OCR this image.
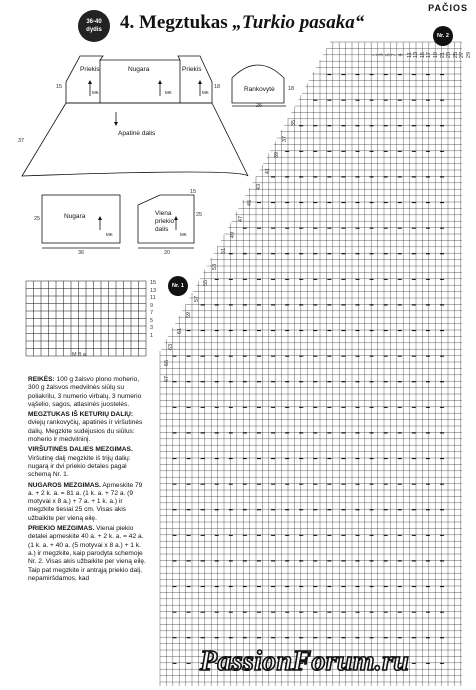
PAČIOS
36-40
dydis 4. Megztukas „Turkio pasaka“
Priekis	Nugara	Priekis
Apatinė dalis
MK	MK	MK	Rankovytė
26
18
37
15	18
Nugara
MK
36
25
Viena priekio dalis
MK
20
25
15
M 8 a.
15
13
11
9
7
5
3
1
Nr. 1
Nr. 2
29
27
25
23
21
19
17
15
13
11
9
7
5
3
1
35
37
39
41
43
45
47
49
51
53
55
57
59
61
63
65
67

REIKĖS: 100 g žalsvo plono moherio, 300 g žalsvos medvilnės siūlų su poliakrilu, 3 numerio virbalų, 3 numerio vąšelio, sagos, atlasinės juostelės.

MEGZTUKAS IŠ KETURIŲ DALIŲ: dviejų rankovyčių, apatinės ir viršutinės dalių. Megzkite sudėjusios du siūlus: moherio ir medvilninį.

VIRŠUTINĖS DALIES MEZGIMAS. Viršutinę dalį megzkite iš trijų dalių: nugarą ir dvi priekio detales pagal schemą Nr. 1.

NUGAROS MEZGIMAS. Apmeskite 79 a. + 2 k. a. = 81 a. (1 k. a. + 72 a. (9 motyvai x 8 a.) + 7 a. + 1 k. a.) ir megzkite tiesiai 25 cm. Visas akis užbaikite per vieną eilę.

PRIEKIO MEZGIMAS. Vienai piekio detalei apmeskite 40 a. + 2 k. a. = 42 a. (1 k. a. + 40 a. (5 motyvai x 8 a.) + 1 k. a.) ir megzkite, kaip parodyta schemoje Nr. 2. Visas akis užbaikite per vieną eilę. Taip pat megzkite ir antrąją priekio dalį, nepamiršdamos, kad

PassionForum.ru
